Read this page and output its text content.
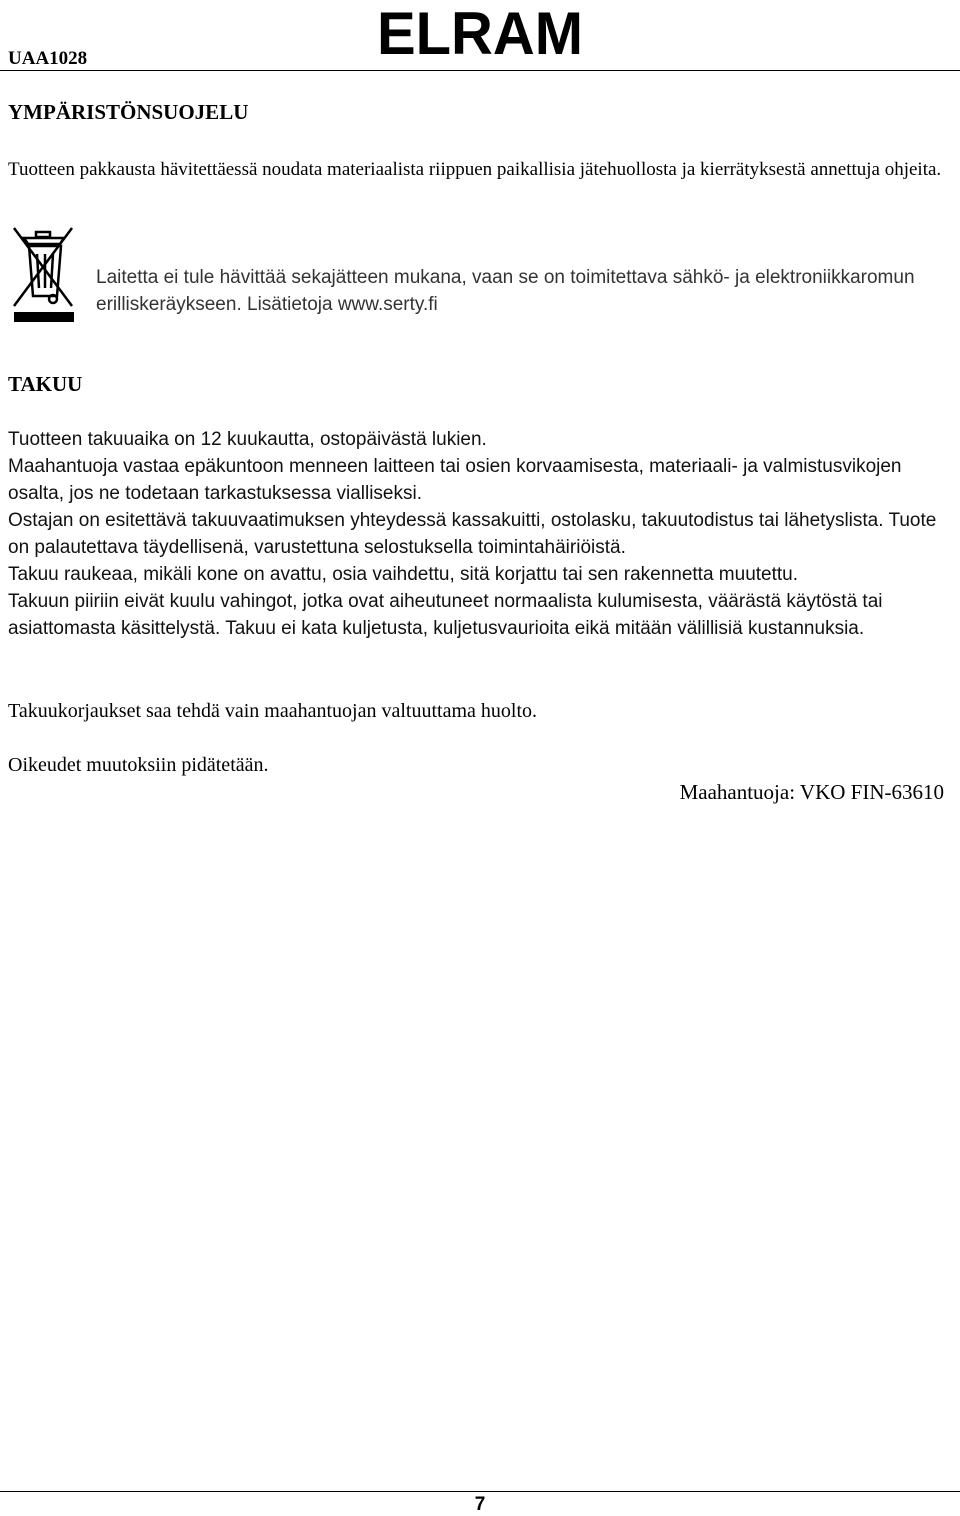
UAA1028	ELRAM
YMPÄRISTÖNSUOJELU
Tuotteen pakkausta hävitettäessä noudata materiaalista riippuen paikallisia jätehuollosta ja kierrätyksestä annettuja ohjeita.
Laitetta ei tule hävittää sekajätteen mukana, vaan se on toimitettava sähkö- ja elektroniikkaromun erilliskeräykseen. Lisätietoja www.serty.fi
TAKUU
Tuotteen takuuaika on 12 kuukautta, ostopäivästä lukien.
Maahantuoja vastaa epäkuntoon menneen laitteen tai osien korvaamisesta, materiaali- ja valmistusvikojen osalta, jos ne todetaan tarkastuksessa vialliseksi.
Ostajan on esitettävä takuuvaatimuksen yhteydessä kassakuitti, ostolasku, takuutodistus tai lähetyslista. Tuote on palautettava täydellisenä, varustettuna selostuksella toimintahäiriöistä.
Takuu raukeaa, mikäli kone on avattu, osia vaihdettu, sitä korjattu tai sen rakennetta muutettu.
Takuun piiriin eivät kuulu vahingot, jotka ovat aiheutuneet normaalista kulumisesta, väärästä käytöstä tai asiattomasta käsittelystä. Takuu ei kata kuljetusta, kuljetusvaurioita eikä mitään välillisiä kustannuksia.
Takuukorjaukset saa tehdä vain maahantuojan valtuuttama huolto.
Oikeudet muutoksiin pidätetään.
Maahantuoja: VKO FIN-63610
7
